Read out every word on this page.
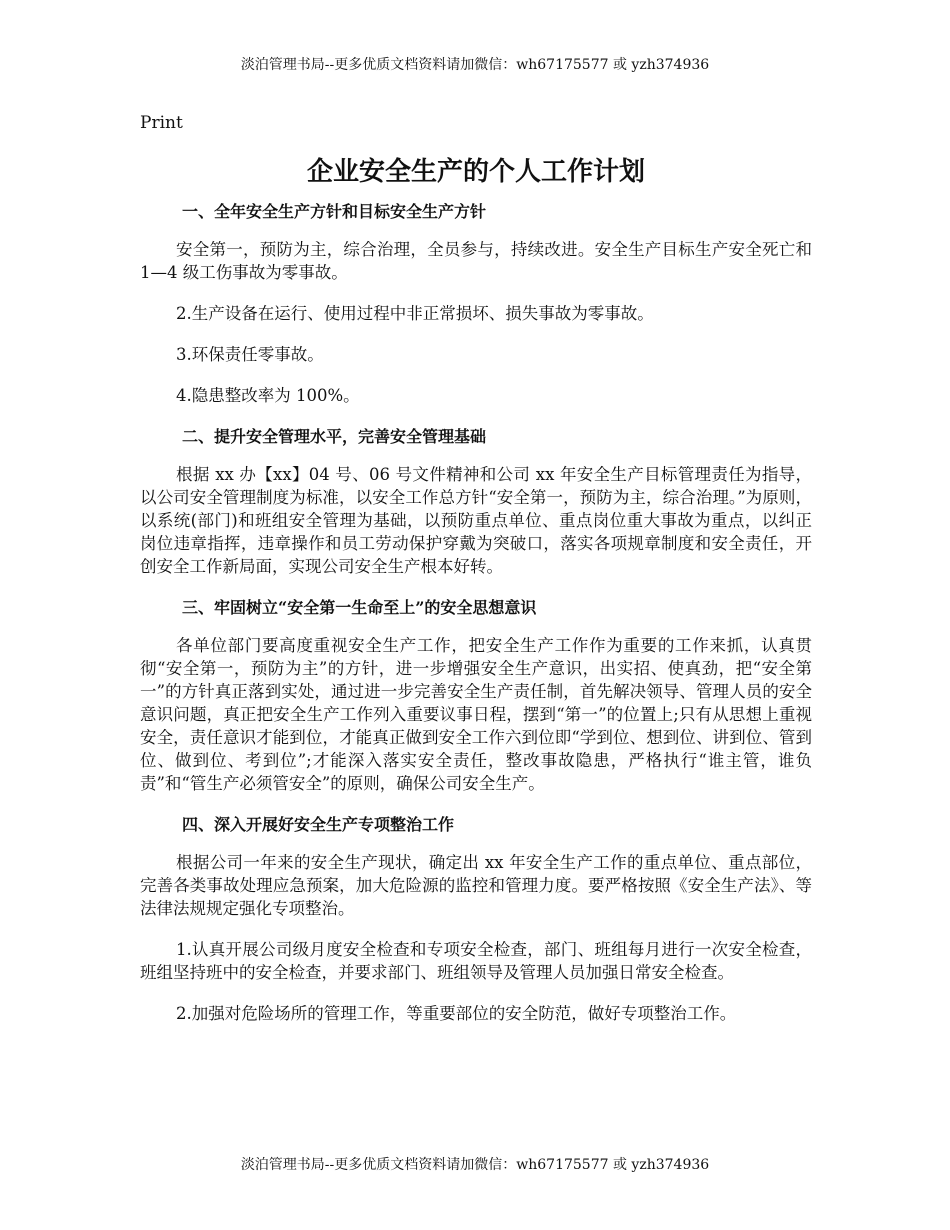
淡泊管理书局--更多优质文档资料请加微信：wh67175577 或 yzh374936

Print

企业安全生产的个人工作计划

一、全年安全生产方针和目标安全生产方针

安全第一，预防为主，综合治理，全员参与，持续改进。安全生产目标生产安全死亡和 1—4 级工伤事故为零事故。

2.生产设备在运行、使用过程中非正常损坏、损失事故为零事故。

3.环保责任零事故。

4.隐患整改率为 100%。

二、提升安全管理水平，完善安全管理基础

根据 xx 办【xx】04 号、06 号文件精神和公司 xx 年安全生产目标管理责任为指导，以公司安全管理制度为标准，以安全工作总方针“安全第一，预防为主，综合治理。”为原则，以系统(部门)和班组安全管理为基础，以预防重点单位、重点岗位重大事故为重点，以纠正岗位违章指挥，违章操作和员工劳动保护穿戴为突破口，落实各项规章制度和安全责任，开创安全工作新局面，实现公司安全生产根本好转。

三、牢固树立“安全第一生命至上”的安全思想意识

各单位部门要高度重视安全生产工作，把安全生产工作作为重要的工作来抓，认真贯彻“安全第一，预防为主”的方针，进一步增强安全生产意识，出实招、使真劲，把“安全第一”的方针真正落到实处，通过进一步完善安全生产责任制，首先解决领导、管理人员的安全意识问题，真正把安全生产工作列入重要议事日程，摆到“第一”的位置上;只有从思想上重视安全，责任意识才能到位，才能真正做到安全工作六到位即“学到位、想到位、讲到位、管到位、做到位、考到位”;才能深入落实安全责任，整改事故隐患，严格执行“谁主管，谁负责”和“管生产必须管安全”的原则，确保公司安全生产。

四、深入开展好安全生产专项整治工作

根据公司一年来的安全生产现状，确定出 xx 年安全生产工作的重点单位、重点部位，完善各类事故处理应急预案，加大危险源的监控和管理力度。要严格按照《安全生产法》、等法律法规规定强化专项整治。

1.认真开展公司级月度安全检查和专项安全检查，部门、班组每月进行一次安全检查，班组坚持班中的安全检查，并要求部门、班组领导及管理人员加强日常安全检查。

2.加强对危险场所的管理工作，等重要部位的安全防范，做好专项整治工作。

淡泊管理书局--更多优质文档资料请加微信：wh67175577 或 yzh374936
